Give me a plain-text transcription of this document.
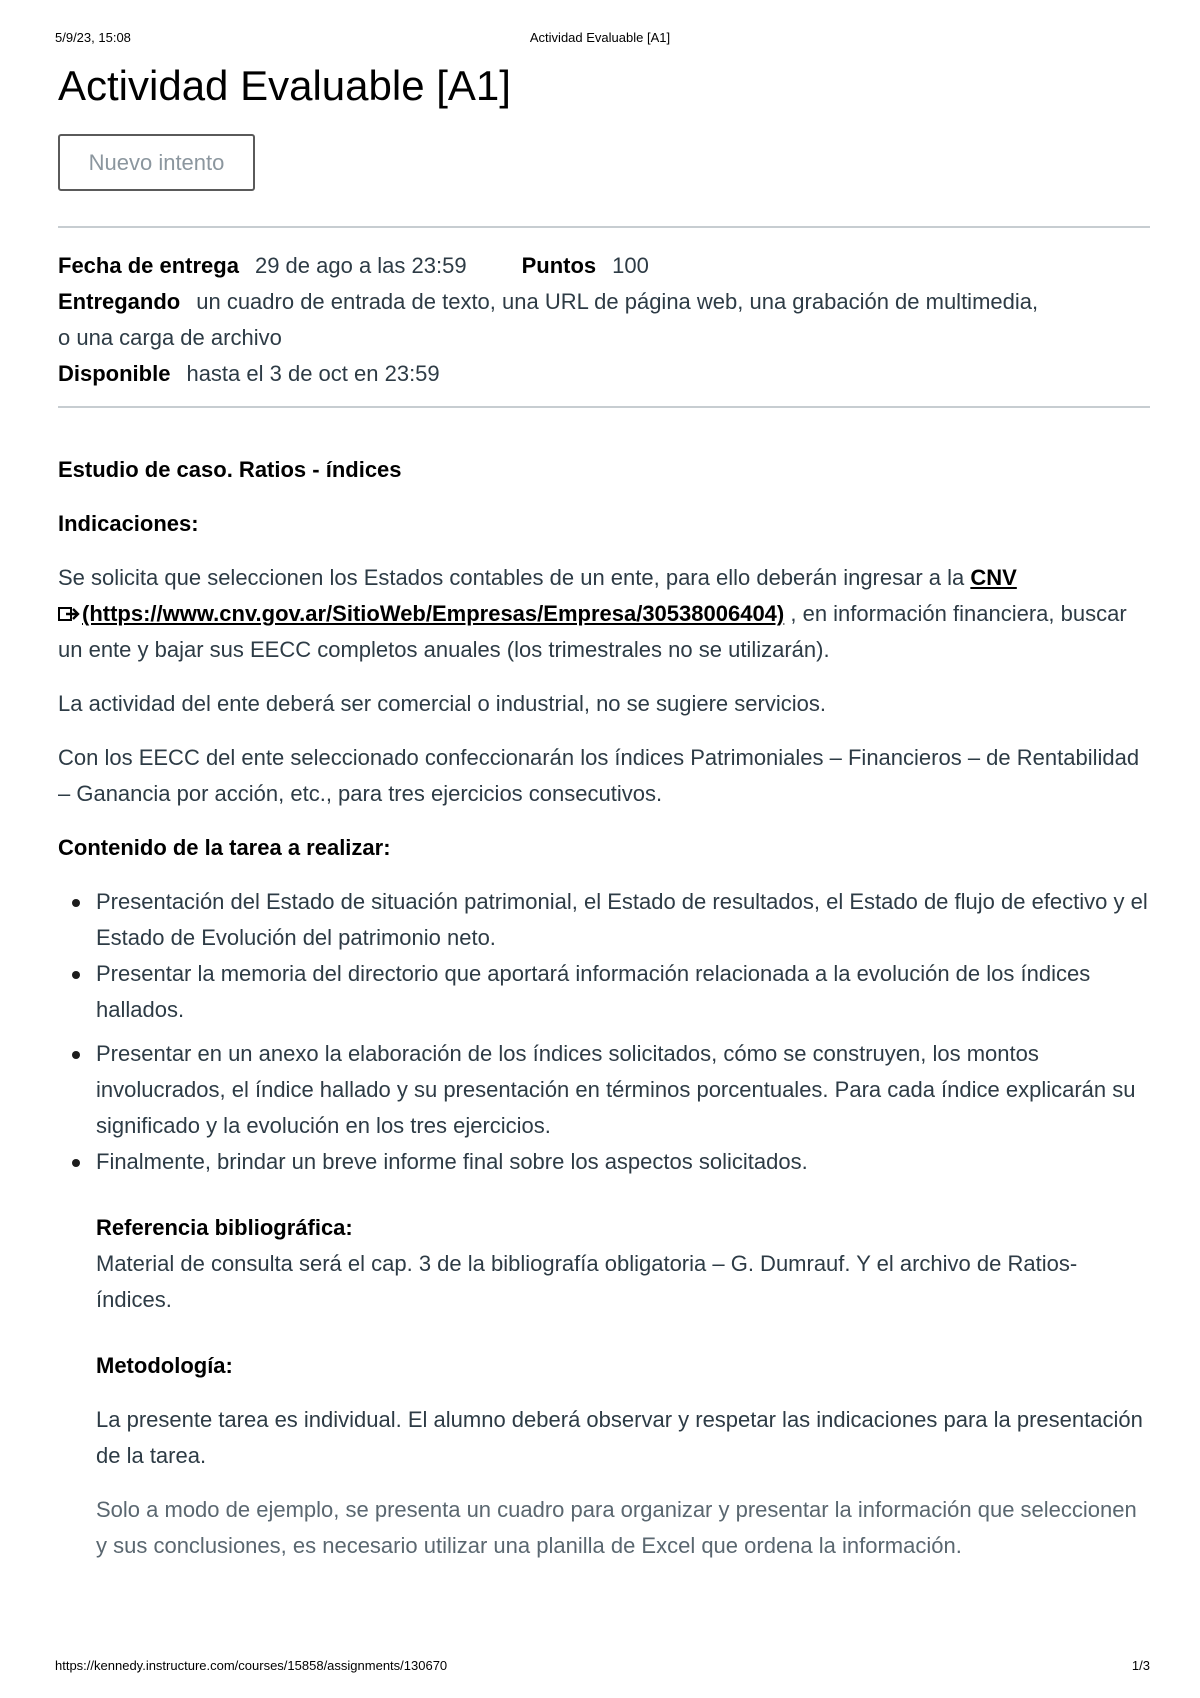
5/9/23, 15:08	Actividad Evaluable [A1]
Actividad Evaluable [A1]
Nuevo intento
Fecha de entrega 29 de ago a las 23:59	Puntos 100
Entregando un cuadro de entrada de texto, una URL de página web, una grabación de multimedia,
o una carga de archivo
Disponible hasta el 3 de oct en 23:59

Estudio de caso. Ratios - índices

Indicaciones:

Se solicita que seleccionen los Estados contables de un ente, para ello deberán ingresar a la CNV
(https://www.cnv.gov.ar/SitioWeb/Empresas/Empresa/30538006404) , en información financiera, buscar un ente y bajar sus EECC completos anuales (los trimestrales no se utilizarán).

La actividad del ente deberá ser comercial o industrial, no se sugiere servicios.

Con los EECC del ente seleccionado confeccionarán los índices Patrimoniales – Financieros – de Rentabilidad – Ganancia por acción, etc., para tres ejercicios consecutivos.

Contenido de la tarea a realizar:

Presentación del Estado de situación patrimonial, el Estado de resultados, el Estado de flujo de efectivo y el Estado de Evolución del patrimonio neto.
Presentar la memoria del directorio que aportará información relacionada a la evolución de los índices hallados.
Presentar en un anexo la elaboración de los índices solicitados, cómo se construyen, los montos involucrados, el índice hallado y su presentación en términos porcentuales. Para cada índice explicarán su significado y la evolución en los tres ejercicios.
Finalmente, brindar un breve informe final sobre los aspectos solicitados.
Referencia bibliográfica:
Material de consulta será el cap. 3 de la bibliografía obligatoria – G. Dumrauf. Y el archivo de Ratios-índices.

Metodología:

La presente tarea es individual. El alumno deberá observar y respetar las indicaciones para la presentación de la tarea.

Solo a modo de ejemplo, se presenta un cuadro para organizar y presentar la información que seleccionen y sus conclusiones, es necesario utilizar una planilla de Excel que ordena la información.

https://kennedy.instructure.com/courses/15858/assignments/130670	1/3
